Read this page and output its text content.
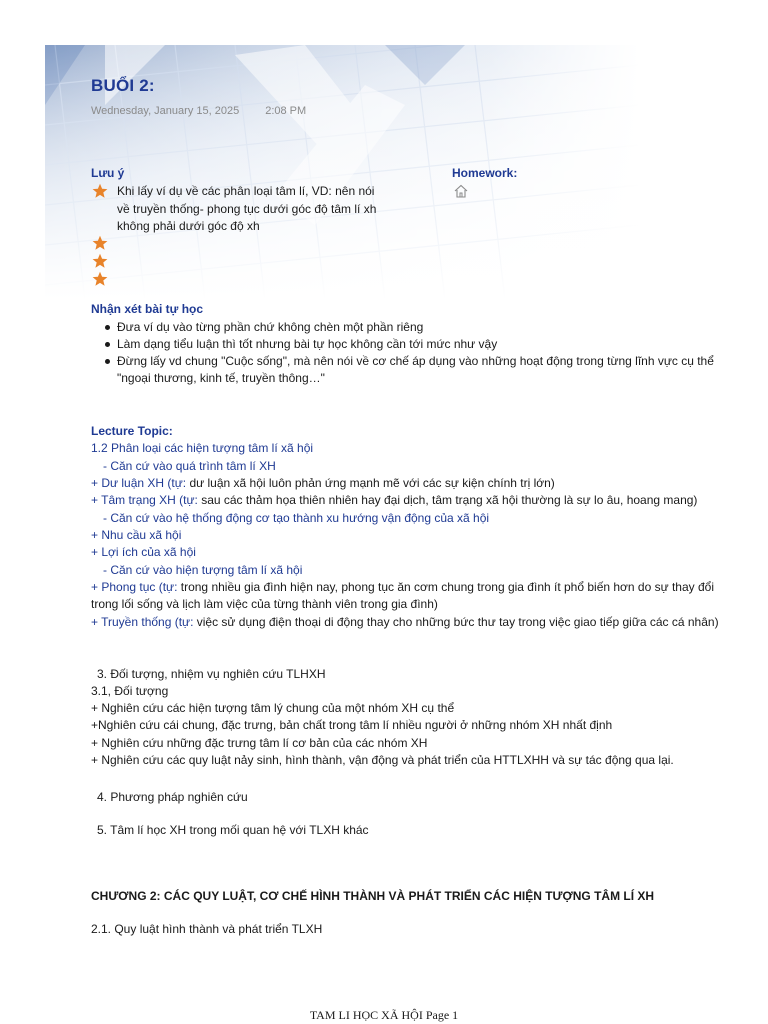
BUỔI 2:
Wednesday, January 15, 2025 2:08 PM
Lưu ý	Homework:
Khi lấy ví dụ về các phân loại tâm lí, VD: nên nói về truyền thống- phong tục dưới góc độ tâm lí xh không phải dưới góc độ xh
Nhận xét bài tự học
Đưa ví dụ vào từng phần chứ không chèn một phần riêng
Làm dạng tiểu luận thì tốt nhưng bài tự học không cần tới mức như vậy
Đừng lấy vd chung "Cuộc sống", mà nên nói về cơ chế áp dụng vào những hoạt động trong từng lĩnh vực cụ thể "ngoại thương, kinh tế, truyền thông…"
Lecture Topic:
1.2 Phân loại các hiện tượng tâm lí xã hội
- Căn cứ vào quá trình tâm lí XH
+ Dư luận XH (tự: dư luận xã hội luôn phản ứng mạnh mẽ với các sự kiện chính trị lớn)
+ Tâm trạng XH (tự: sau các thảm họa thiên nhiên hay đại dịch, tâm trạng xã hội thường là sự lo âu, hoang mang)
- Căn cứ vào hệ thống động cơ tạo thành xu hướng vận động của xã hội
+ Nhu cầu xã hội
+ Lợi ích của xã hội
- Căn cứ vào hiện tượng tâm lí xã hội
+ Phong tục (tự: trong nhiều gia đình hiện nay, phong tục ăn cơm chung trong gia đình ít phổ biến hơn do sự thay đổi trong lối sống và lịch làm việc của từng thành viên trong gia đình)
+ Truyền thống (tự: việc sử dụng điện thoại di động thay cho những bức thư tay trong việc giao tiếp giữa các cá nhân)
3. Đối tượng, nhiệm vụ nghiên cứu TLHXH
3.1, Đối tượng
+ Nghiên cứu các hiện tượng tâm lý chung của một nhóm XH cụ thể
+Nghiên cứu cái chung, đặc trưng, bản chất trong tâm lí nhiều người ở những nhóm XH nhất định
+ Nghiên cứu những đặc trưng tâm lí cơ bản của các nhóm XH
+ Nghiên cứu các quy luật nảy sinh, hình thành, vận động và phát triển của HTTLXHH và sự tác động qua lại.
4. Phương pháp nghiên cứu
5. Tâm lí học XH trong mối quan hệ với TLXH khác
CHƯƠNG 2: CÁC QUY LUẬT, CƠ CHẾ HÌNH THÀNH VÀ PHÁT TRIỂN CÁC HIỆN TƯỢNG TÂM LÍ XH
2.1. Quy luật hình thành và phát triển TLXH
TAM LI HỌC XÃ HỘI Page 1
